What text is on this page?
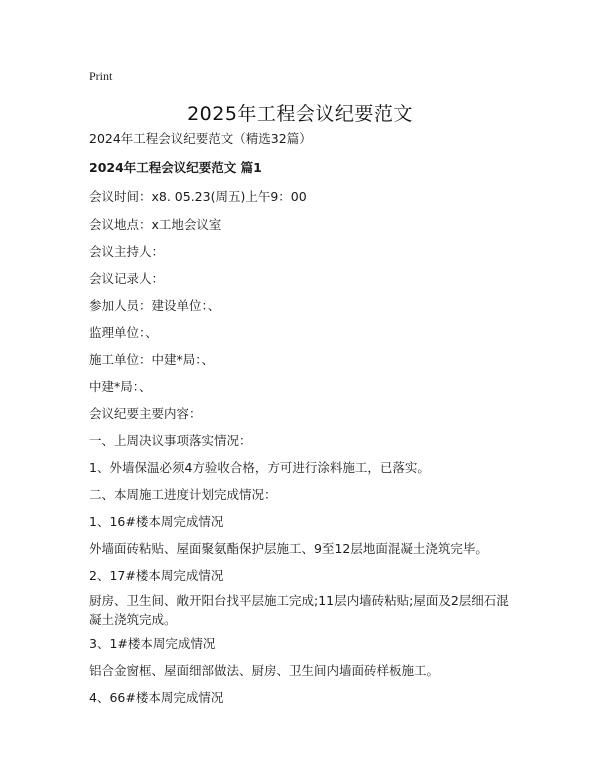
Print
2025年工程会议纪要范文
2024年工程会议纪要范文（精选32篇）
2024年工程会议纪要范文 篇1
会议时间：x8. 05.23(周五)上午9：00
会议地点：x工地会议室
会议主持人：
会议记录人：
参加人员：建设单位：、
监理单位：、
施工单位：中建*局：、
中建*局：、
会议纪要主要内容：
一、上周决议事项落实情况：
1、外墙保温必须4方验收合格，方可进行涂料施工，已落实。
二、本周施工进度计划完成情况：
1、16#楼本周完成情况
外墙面砖粘贴、屋面聚氨酯保护层施工、9至12层地面混凝土浇筑完毕。
2、17#楼本周完成情况
厨房、卫生间、敞开阳台找平层施工完成;11层内墙砖粘贴;屋面及2层细石混凝土浇筑完成。
3、1#楼本周完成情况
铝合金窗框、屋面细部做法、厨房、卫生间内墙面砖样板施工。
4、66#楼本周完成情况
